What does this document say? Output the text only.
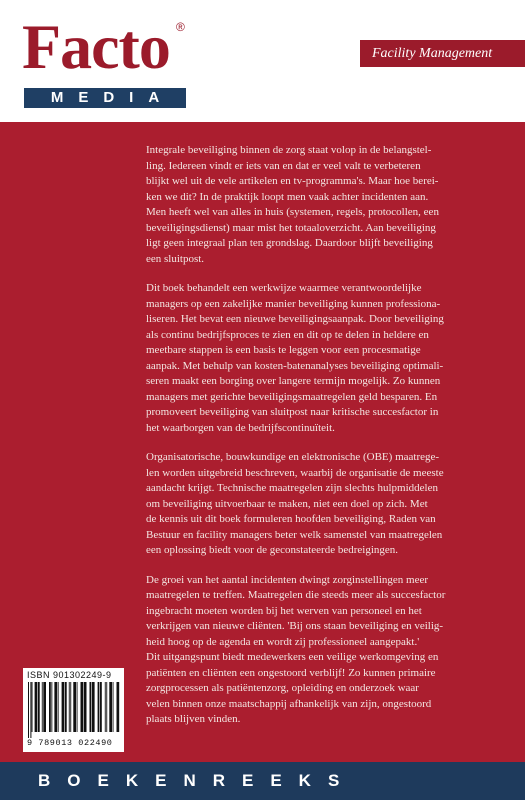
Facto ®
MEDIA
Facility Management

Integrale beveiliging binnen de zorg staat volop in de belangstel-
ling. Iedereen vindt er iets van en dat er veel valt te verbeteren
blijkt wel uit de vele artikelen en tv-programma's. Maar hoe berei-
ken we dit? In de praktijk loopt men vaak achter incidenten aan.
Men heeft wel van alles in huis (systemen, regels, protocollen, een
beveiligingsdienst) maar mist het totaaloverzicht. Aan beveiliging
ligt geen integraal plan ten grondslag. Daardoor blijft beveiliging
een sluitpost.

Dit boek behandelt een werkwijze waarmee verantwoordelijke
managers op een zakelijke manier beveiliging kunnen professiona-
liseren. Het bevat een nieuwe beveiligingsaanpak. Door beveiliging
als continu bedrijfsproces te zien en dit op te delen in heldere en
meetbare stappen is een basis te leggen voor een procesmatige
aanpak. Met behulp van kosten-batenanalyses beveiliging optimali-
seren maakt een borging over langere termijn mogelijk. Zo kunnen
managers met gerichte beveiligingsmaatregelen geld besparen. En
promoveert beveiliging van sluitpost naar kritische succesfactor in
het waarborgen van de bedrijfscontinuïteit.

Organisatorische, bouwkundige en elektronische (OBE) maatrege-
len worden uitgebreid beschreven, waarbij de organisatie de meeste
aandacht krijgt. Technische maatregelen zijn slechts hulpmiddelen
om beveiliging uitvoerbaar te maken, niet een doel op zich. Met
de kennis uit dit boek formuleren hoofden beveiliging, Raden van
Bestuur en facility managers beter welk samenstel van maatregelen
een oplossing biedt voor de geconstateerde bedreigingen.

De groei van het aantal incidenten dwingt zorginstellingen meer
maatregelen te treffen. Maatregelen die steeds meer als succesfactor
ingebracht moeten worden bij het werven van personeel en het
verkrijgen van nieuwe cliënten. 'Bij ons staan beveiliging en veilig-
heid hoog op de agenda en wordt zij professioneel aangepakt.'
Dit uitgangspunt biedt medewerkers een veilige werkomgeving en
patiënten en cliënten een ongestoord verblijf! Zo kunnen primaire
zorgprocessen als patiëntenzorg, opleiding en onderzoek waar
velen binnen onze maatschappij afhankelijk van zijn, ongestoord
plaats blijven vinden.

ISBN 901302249-9
9 789013 022490
BOEKENREEKS
